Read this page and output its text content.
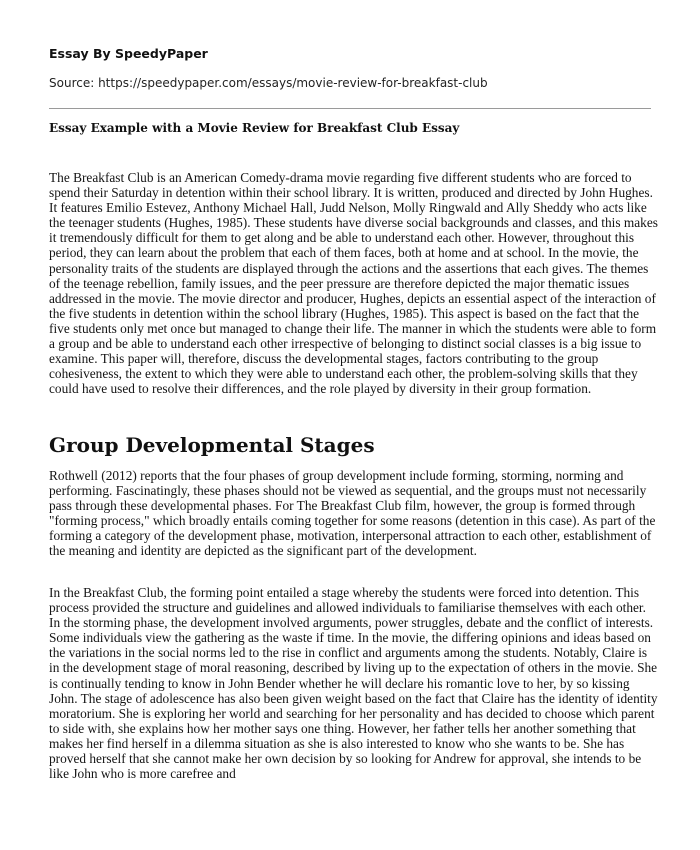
Essay By SpeedyPaper
Source: https://speedypaper.com/essays/movie-review-for-breakfast-club
Essay Example with a Movie Review for Breakfast Club Essay

The Breakfast Club is an American Comedy-drama movie regarding five different students who are forced to spend their Saturday in detention within their school library. It is written, produced and directed by John Hughes. It features Emilio Estevez, Anthony Michael Hall, Judd Nelson, Molly Ringwald and Ally Sheddy who acts like the teenager students (Hughes, 1985). These students have diverse social backgrounds and classes, and this makes it tremendously difficult for them to get along and be able to understand each other. However, throughout this period, they can learn about the problem that each of them faces, both at home and at school. In the movie, the personality traits of the students are displayed through the actions and the assertions that each gives. The themes of the teenage rebellion, family issues, and the peer pressure are therefore depicted the major thematic issues addressed in the movie. The movie director and producer, Hughes, depicts an essential aspect of the interaction of the five students in detention within the school library (Hughes, 1985). This aspect is based on the fact that the five students only met once but managed to change their life. The manner in which the students were able to form a group and be able to understand each other irrespective of belonging to distinct social classes is a big issue to examine. This paper will, therefore, discuss the developmental stages, factors contributing to the group cohesiveness, the extent to which they were able to understand each other, the problem-solving skills that they could have used to resolve their differences, and the role played by diversity in their group formation.

Group Developmental Stages

Rothwell (2012) reports that the four phases of group development include forming, storming, norming and performing. Fascinatingly, these phases should not be viewed as sequential, and the groups must not necessarily pass through these developmental phases. For The Breakfast Club film, however, the group is formed through "forming process," which broadly entails coming together for some reasons (detention in this case). As part of the forming a category of the development phase, motivation, interpersonal attraction to each other, establishment of the meaning and identity are depicted as the significant part of the development.

In the Breakfast Club, the forming point entailed a stage whereby the students were forced into detention. This process provided the structure and guidelines and allowed individuals to familiarise themselves with each other. In the storming phase, the development involved arguments, power struggles, debate and the conflict of interests. Some individuals view the gathering as the waste if time. In the movie, the differing opinions and ideas based on the variations in the social norms led to the rise in conflict and arguments among the students. Notably, Claire is in the development stage of moral reasoning, described by living up to the expectation of others in the movie. She is continually tending to know in John Bender whether he will declare his romantic love to her, by so kissing John. The stage of adolescence has also been given weight based on the fact that Claire has the identity of identity moratorium. She is exploring her world and searching for her personality and has decided to choose which parent to side with, she explains how her mother says one thing. However, her father tells her another something that makes her find herself in a dilemma situation as she is also interested to know who she wants to be. She has proved herself that she cannot make her own decision by so looking for Andrew for approval, she intends to be like John who is more carefree and
